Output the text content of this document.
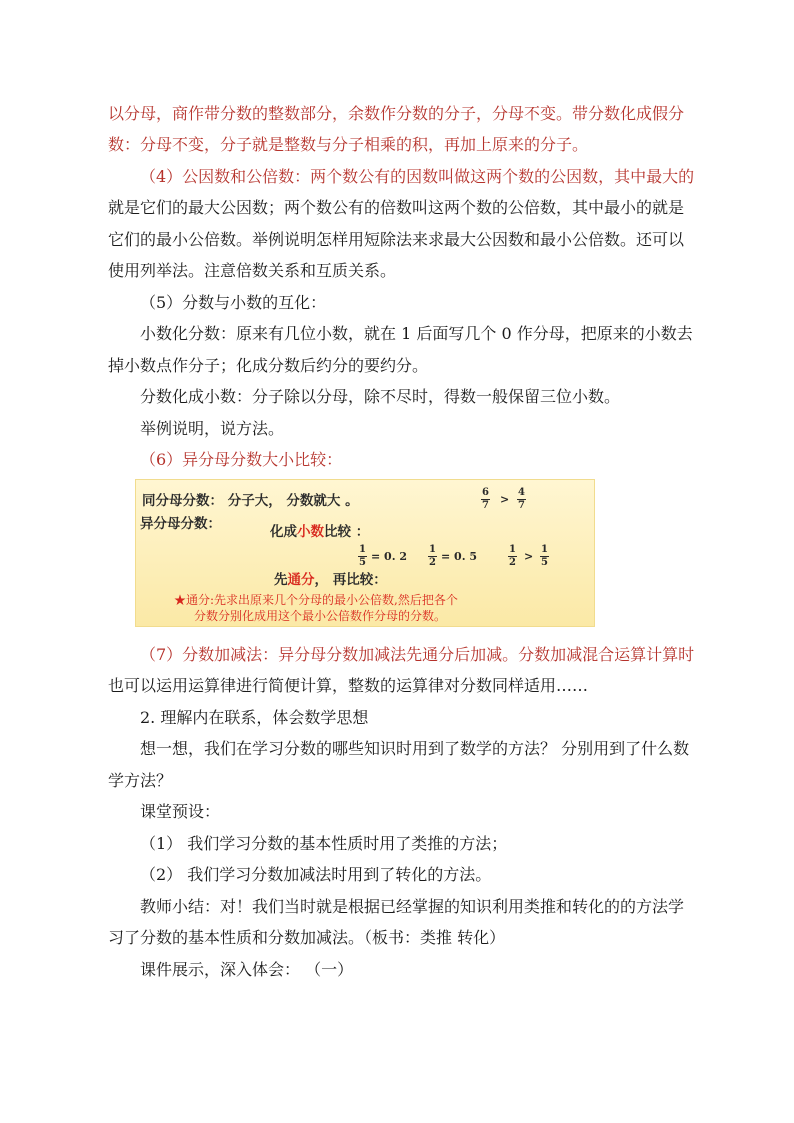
以分母，商作带分数的整数部分，余数作分数的分子，分母不变。带分数化成假分
数：分母不变，分子就是整数与分子相乘的积，再加上原来的分子。
（4）公因数和公倍数：两个数公有的因数叫做这两个数的公因数，其中最大的
就是它们的最大公因数；两个数公有的倍数叫这两个数的公倍数，其中最小的就是
它们的最小公倍数。举例说明怎样用短除法来求最大公因数和最小公倍数。还可以
使用列举法。注意倍数关系和互质关系。
（5）分数与小数的互化：
小数化分数：原来有几位小数，就在 1 后面写几个 0 作分母，把原来的小数去
掉小数点作分子；化成分数后约分的要约分。
分数化成小数：分子除以分母，除不尽时，得数一般保留三位小数。
举例说明，说方法。
（6）异分母分数大小比较：
同分母分数： 分子大， 分数就大 。
6
7 >
4
7
异分母分数：	化成小数比较 ：
1
5 = 0. 2
1
2 = 0. 5
1
2 >
1
5
先通分， 再比较：
★通分:先求出原来几个分母的最小公倍数,然后把各个
分数分别化成用这个最小公倍数作分母的分数。
（7）分数加减法：异分母分数加减法先通分后加减。分数加减混合运算计算时
也可以运用运算律进行简便计算，整数的运算律对分数同样适用……
2. 理解内在联系，体会数学思想
想一想，我们在学习分数的哪些知识时用到了数学的方法？ 分别用到了什么数
学方法？
课堂预设：
（1） 我们学习分数的基本性质时用了类推的方法；
（2） 我们学习分数加减法时用到了转化的方法。
教师小结：对！我们当时就是根据已经掌握的知识利用类推和转化的的方法学
习了分数的基本性质和分数加减法。（板书：类推 转化）
课件展示，深入体会： （一）
